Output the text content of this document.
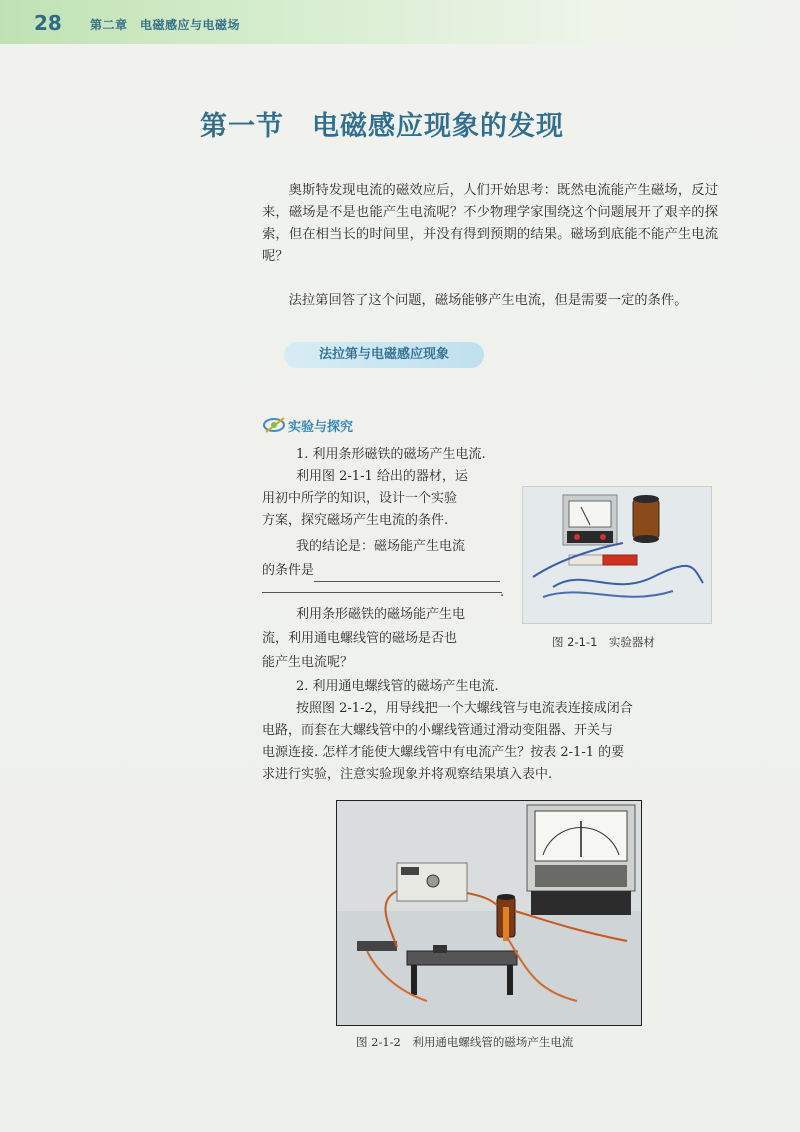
28 第二章　电磁感应与电磁场
第一节　电磁感应现象的发现
奥斯特发现电流的磁效应后，人们开始思考：既然电流能产生磁场，反过来，磁场是不是也能产生电流呢？不少物理学家围绕这个问题展开了艰辛的探索，但在相当长的时间里，并没有得到预期的结果。磁场到底能不能产生电流呢？
法拉第回答了这个问题，磁场能够产生电流，但是需要一定的条件。
法拉第与电磁感应现象
实验与探究
1. 利用条形磁铁的磁场产生电流.
利用图 2-1-1 给出的器材，运
用初中所学的知识，设计一个实验
方案，探究磁场产生电流的条件.
我的结论是：磁场能产生电流
的条件是
.
利用条形磁铁的磁场能产生电
流，利用通电螺线管的磁场是否也
能产生电流呢？
图 2-1-1　实验器材
2. 利用通电螺线管的磁场产生电流.
按照图 2-1-2，用导线把一个大螺线管与电流表连接成闭合
电路，而套在大螺线管中的小螺线管通过滑动变阻器、开关与
电源连接. 怎样才能使大螺线管中有电流产生？按表 2-1-1 的要
求进行实验，注意实验现象并将观察结果填入表中.
图 2-1-2　利用通电螺线管的磁场产生电流
